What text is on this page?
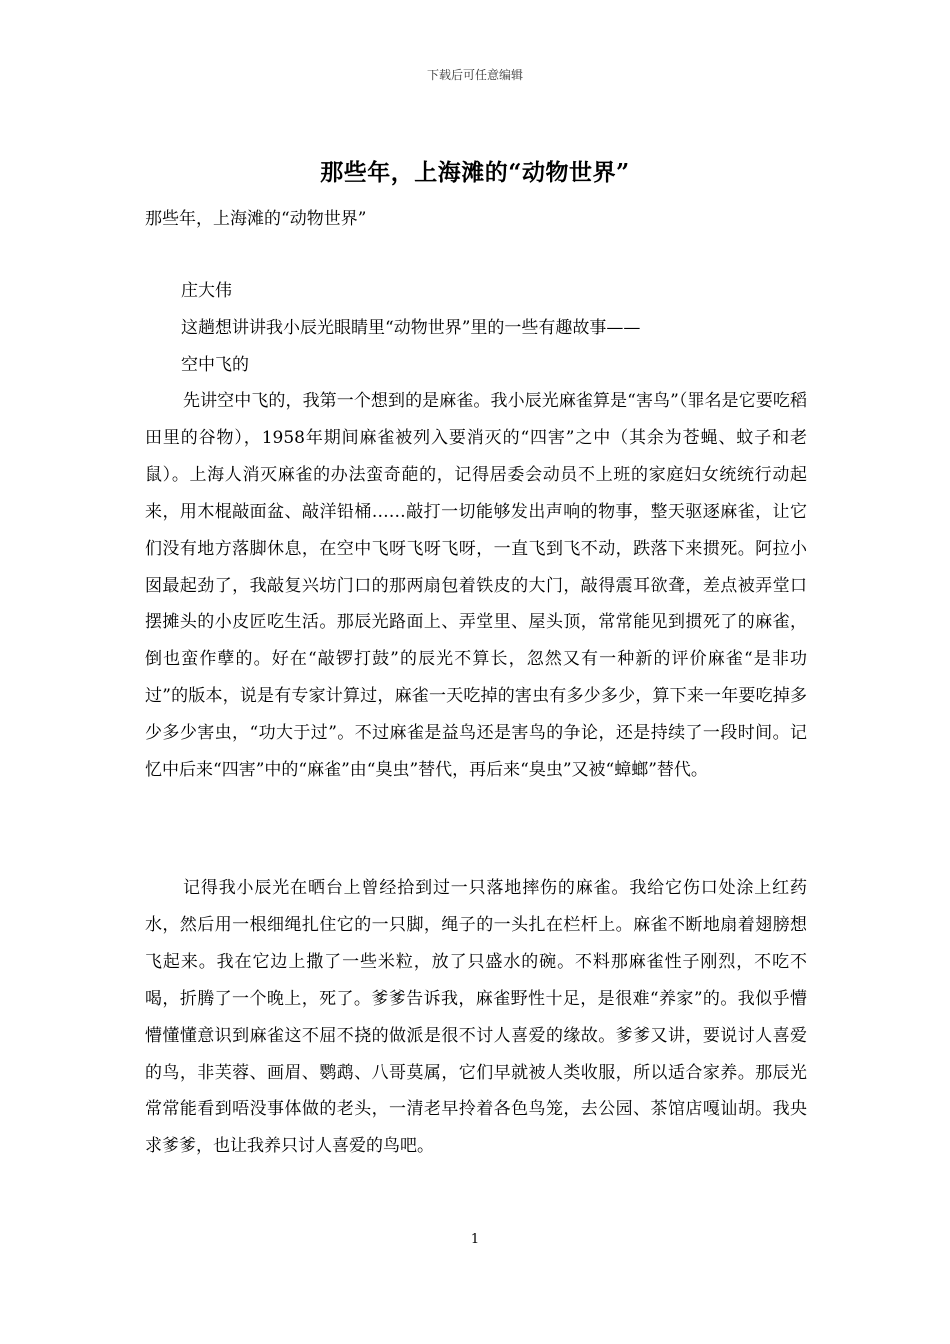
下载后可任意编辑
那些年，上海滩的“动物世界”
那些年，上海滩的“动物世界”
庄大伟
这趟想讲讲我小辰光眼睛里“动物世界”里的一些有趣故事——
空中飞的

先讲空中飞的，我第一个想到的是麻雀。我小辰光麻雀算是“害鸟”（罪名是它要吃稻田里的谷物），1958年期间麻雀被列入要消灭的“四害”之中（其余为苍蝇、蚊子和老鼠）。上海人消灭麻雀的办法蛮奇葩的，记得居委会动员不上班的家庭妇女统统行动起来，用木棍敲面盆、敲洋铅桶……敲打一切能够发出声响的物事，整天驱逐麻雀，让它们没有地方落脚休息，在空中飞呀飞呀飞呀，一直飞到飞不动，跌落下来掼死。阿拉小囡最起劲了，我敲复兴坊门口的那两扇包着铁皮的大门，敲得震耳欲聋，差点被弄堂口摆摊头的小皮匠吃生活。那辰光路面上、弄堂里、屋头顶，常常能见到掼死了的麻雀，倒也蛮作孽的。好在“敲锣打鼓”的辰光不算长，忽然又有一种新的评价麻雀“是非功过”的版本，说是有专家计算过，麻雀一天吃掉的害虫有多少多少，算下来一年要吃掉多少多少害虫，“功大于过”。不过麻雀是益鸟还是害鸟的争论，还是持续了一段时间。记忆中后来“四害”中的“麻雀”由“臭虫”替代，再后来“臭虫”又被“蟑螂”替代。

记得我小辰光在晒台上曾经拾到过一只落地摔伤的麻雀。我给它伤口处涂上红药水，然后用一根细绳扎住它的一只脚，绳子的一头扎在栏杆上。麻雀不断地扇着翅膀想飞起来。我在它边上撒了一些米粒，放了只盛水的碗。不料那麻雀性子刚烈，不吃不喝，折腾了一个晚上，死了。爹爹告诉我，麻雀野性十足，是很难“养家”的。我似乎懵懵懂懂意识到麻雀这不屈不挠的做派是很不讨人喜爱的缘故。爹爹又讲，要说讨人喜爱的鸟，非芙蓉、画眉、鹦鹉、八哥莫属，它们早就被人类收服，所以适合家养。那辰光常常能看到唔没事体做的老头，一清老早拎着各色鸟笼，去公园、茶馆店嘎讪胡。我央求爹爹，也让我养只讨人喜爱的鸟吧。

1
